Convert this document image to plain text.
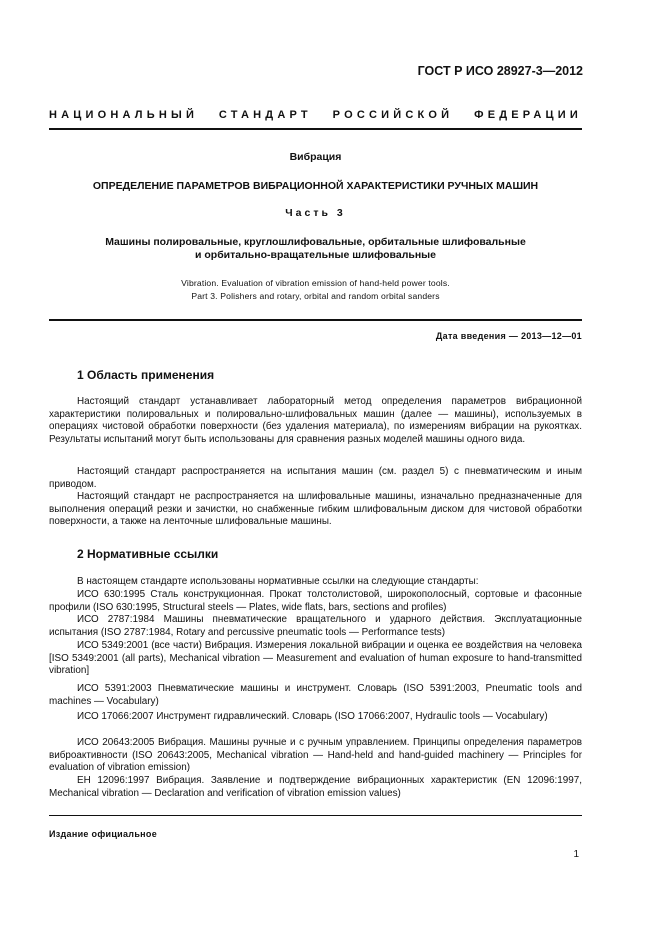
ГОСТ Р ИСО 28927-3—2012
НАЦИОНАЛЬНЫЙ СТАНДАРТ РОССИЙСКОЙ ФЕДЕРАЦИИ
Вибрация
ОПРЕДЕЛЕНИЕ ПАРАМЕТРОВ ВИБРАЦИОННОЙ ХАРАКТЕРИСТИКИ РУЧНЫХ МАШИН
Часть 3
Машины полировальные, круглошлифовальные, орбитальные шлифовальные
и орбитально-вращательные шлифовальные
Vibration. Evaluation of vibration emission of hand-held power tools.
Part 3. Polishers and rotary, orbital and random orbital sanders
Дата введения — 2013—12—01
1 Область применения

Настоящий стандарт устанавливает лабораторный метод определения параметров вибрационной характеристики полировальных и полировально-шлифовальных машин (далее — машины), используемых в операциях чистовой обработки поверхности (без удаления материала), по измерениям вибрации на рукоятках. Результаты испытаний могут быть использованы для сравнения разных моделей машины одного вида.

Настоящий стандарт распространяется на испытания машин (см. раздел 5) с пневматическим и иным приводом.

Настоящий стандарт не распространяется на шлифовальные машины, изначально предназначенные для выполнения операций резки и зачистки, но снабженные гибким шлифовальным диском для чистовой обработки поверхности, а также на ленточные шлифовальные машины.

2 Нормативные ссылки

В настоящем стандарте использованы нормативные ссылки на следующие стандарты:

ИСО 630:1995 Сталь конструкционная. Прокат толстолистовой, широкополосный, сортовые и фасонные профили (ISO 630:1995, Structural steels — Plates, wide flats, bars, sections and profiles)

ИСО 2787:1984 Машины пневматические вращательного и ударного действия. Эксплуатационные испытания (ISO 2787:1984, Rotary and percussive pneumatic tools — Performance tests)

ИСО 5349:2001 (все части) Вибрация. Измерения локальной вибрации и оценка ее воздействия на человека [ISO 5349:2001 (all parts), Mechanical vibration — Measurement and evaluation of human exposure to hand-transmitted vibration]

ИСО 5391:2003 Пневматические машины и инструмент. Словарь (ISO 5391:2003, Pneumatic tools and machines — Vocabulary)

ИСО 17066:2007 Инструмент гидравлический. Словарь (ISO 17066:2007, Hydraulic tools — Vocabulary)

ИСО 20643:2005 Вибрация. Машины ручные и с ручным управлением. Принципы определения параметров виброактивности (ISO 20643:2005, Mechanical vibration — Hand-held and hand-guided machinery — Principles for evaluation of vibration emission)

ЕН 12096:1997 Вибрация. Заявление и подтверждение вибрационных характеристик (EN 12096:1997, Mechanical vibration — Declaration and verification of vibration emission values)

Издание официальное
1
